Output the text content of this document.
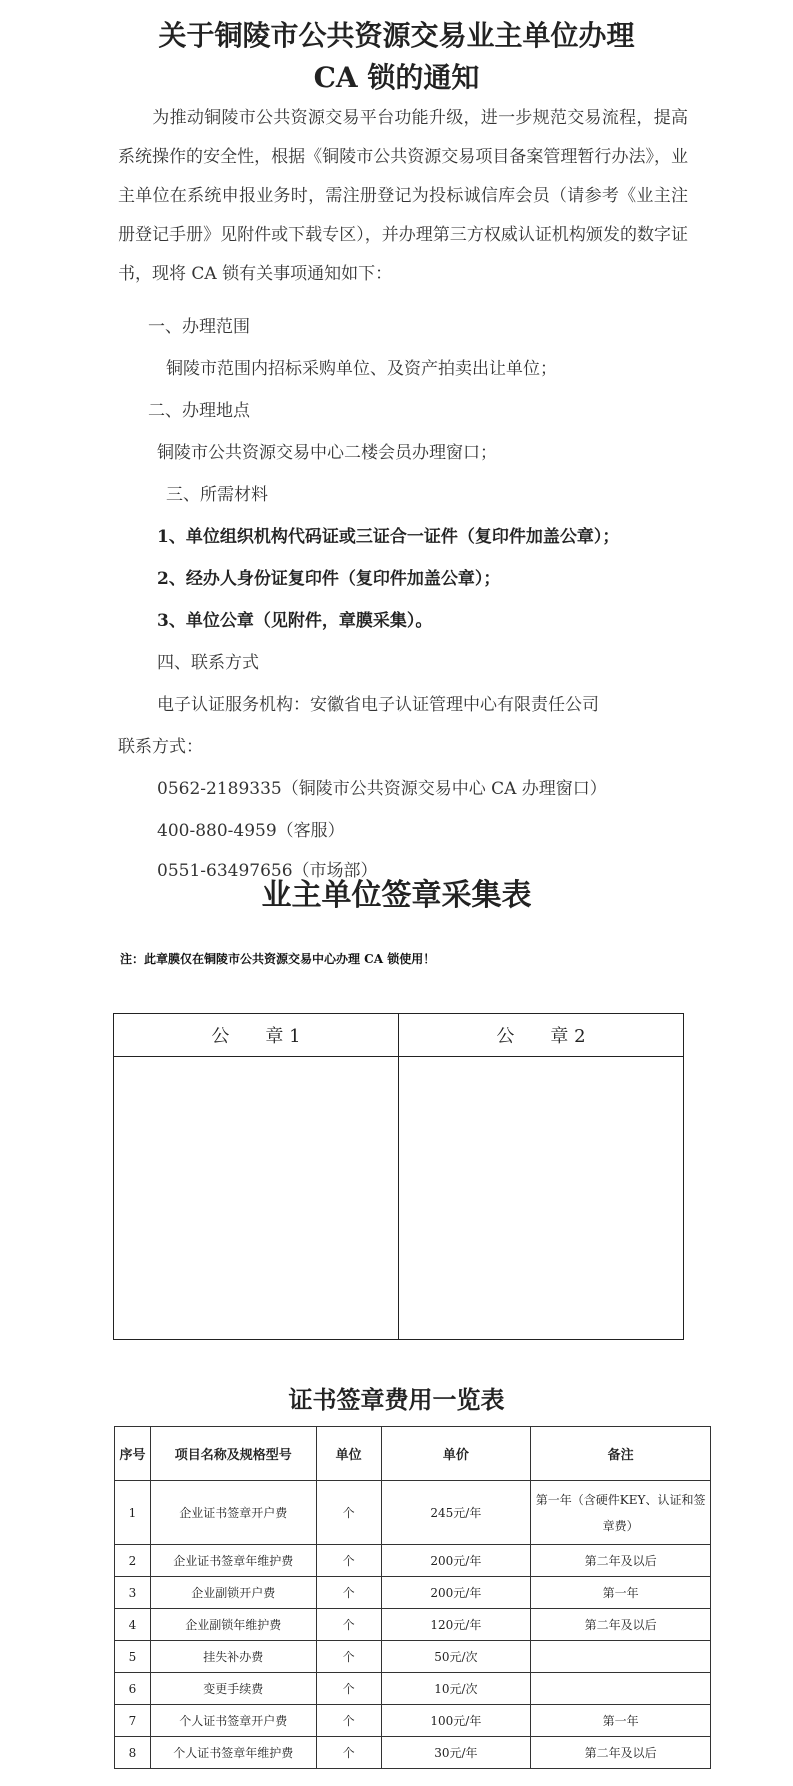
关于铜陵市公共资源交易业主单位办理
CA 锁的通知
为推动铜陵市公共资源交易平台功能升级，进一步规范交易流程，提高系统操作的安全性，根据《铜陵市公共资源交易项目备案管理暂行办法》，业主单位在系统申报业务时，需注册登记为投标诚信库会员（请参考《业主注册登记手册》见附件或下载专区），并办理第三方权威认证机构颁发的数字证书，现将 CA 锁有关事项通知如下：
一、办理范围
铜陵市范围内招标采购单位、及资产拍卖出让单位；
二、办理地点
铜陵市公共资源交易中心二楼会员办理窗口；
三、所需材料
1、单位组织机构代码证或三证合一证件（复印件加盖公章）；
2、经办人身份证复印件（复印件加盖公章）；
3、单位公章（见附件，章膜采集）。
四、联系方式
电子认证服务机构：安徽省电子认证管理中心有限责任公司
联系方式：
0562-2189335（铜陵市公共资源交易中心 CA 办理窗口）
400-880-4959（客服）
0551-63497656（市场部）
业主单位签章采集表
注：此章膜仅在铜陵市公共资源交易中心办理 CA 锁使用！
公　　章 1	公　　章 2

证书签章费用一览表
序号	项目名称及规格型号	单位	单价	备注
1	企业证书签章开户费	个	245元/年	第一年（含硬件KEY、认证和签章费）
2	企业证书签章年维护费	个	200元/年	第二年及以后
3	企业副锁开户费	个	200元/年	第一年
4	企业副锁年维护费	个	120元/年	第二年及以后
5	挂失补办费	个	50元/次	
6	变更手续费	个	10元/次	
7	个人证书签章开户费	个	100元/年	第一年
8	个人证书签章年维护费	个	30元/年	第二年及以后
